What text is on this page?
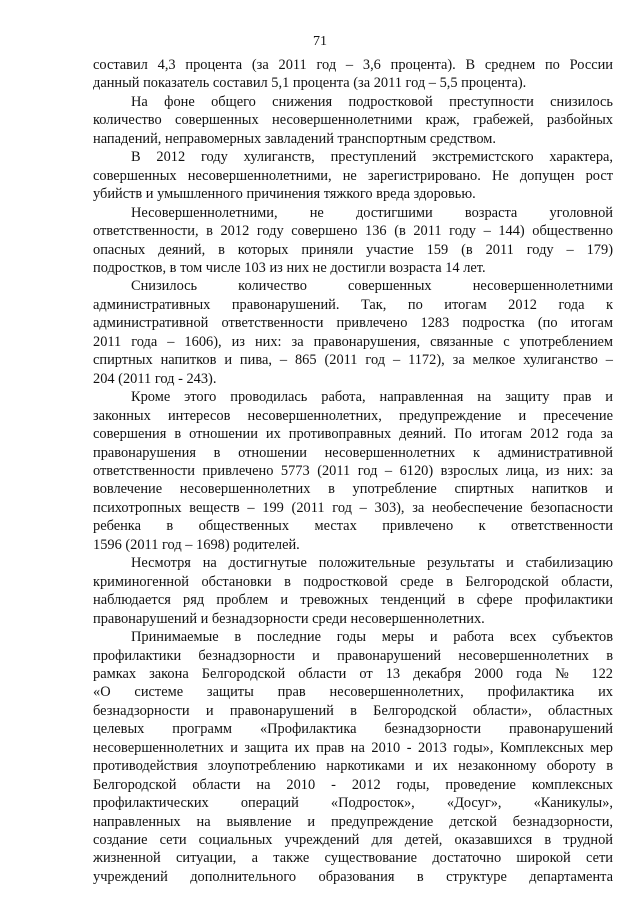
71
составил 4,3 процента (за 2011 год – 3,6 процента). В среднем по России
данный показатель составил 5,1 процента (за 2011 год – 5,5 процента).
На фоне общего снижения подростковой преступности снизилось
количество совершенных несовершеннолетними краж, грабежей, разбойных
нападений, неправомерных завладений транспортным средством.
В 2012 году хулиганств, преступлений экстремистского характера,
совершенных несовершеннолетними, не зарегистрировано. Не допущен рост
убийств и умышленного причинения тяжкого вреда здоровью.
Несовершеннолетними, не достигшими возраста уголовной
ответственности, в 2012 году совершено 136 (в 2011 году – 144) общественно
опасных деяний, в которых приняли участие 159 (в 2011 году – 179)
подростков, в том числе 103 из них не достигли возраста 14 лет.
Снизилось количество совершенных несовершеннолетними
административных правонарушений. Так, по итогам 2012 года к
административной ответственности привлечено 1283 подростка (по итогам
2011 года – 1606), из них: за правонарушения, связанные с употреблением
спиртных напитков и пива, – 865 (2011 год – 1172), за мелкое хулиганство –
204 (2011 год - 243).
Кроме этого проводилась работа, направленная на защиту прав и
законных интересов несовершеннолетних, предупреждение и пресечение
совершения в отношении их противоправных деяний. По итогам 2012 года за
правонарушения в отношении несовершеннолетних к административной
ответственности привлечено 5773 (2011 год – 6120) взрослых лица, из них: за
вовлечение несовершеннолетних в употребление спиртных напитков и
психотропных веществ – 199 (2011 год – 303), за необеспечение безопасности
ребенка в общественных местах привлечено к ответственности
1596 (2011 год – 1698) родителей.
Несмотря на достигнутые положительные результаты и стабилизацию
криминогенной обстановки в подростковой среде в Белгородской области,
наблюдается ряд проблем и тревожных тенденций в сфере профилактики
правонарушений и безнадзорности среди несовершеннолетних.
Принимаемые в последние годы меры и работа всех субъектов
профилактики безнадзорности и правонарушений несовершеннолетних в
рамках закона Белгородской области от 13 декабря 2000 года № 122
«О системе защиты прав несовершеннолетних, профилактика их
безнадзорности и правонарушений в Белгородской области», областных
целевых программ «Профилактика безнадзорности правонарушений
несовершеннолетних и защита их прав на 2010 - 2013 годы», Комплексных мер
противодействия злоупотреблению наркотиками и их незаконному обороту в
Белгородской области на 2010 - 2012 годы, проведение комплексных
профилактических операций «Подросток», «Досуг», «Каникулы»,
направленных на выявление и предупреждение детской безнадзорности,
создание сети социальных учреждений для детей, оказавшихся в трудной
жизненной ситуации, а также существование достаточно широкой сети
учреждений дополнительного образования в структуре департамента
